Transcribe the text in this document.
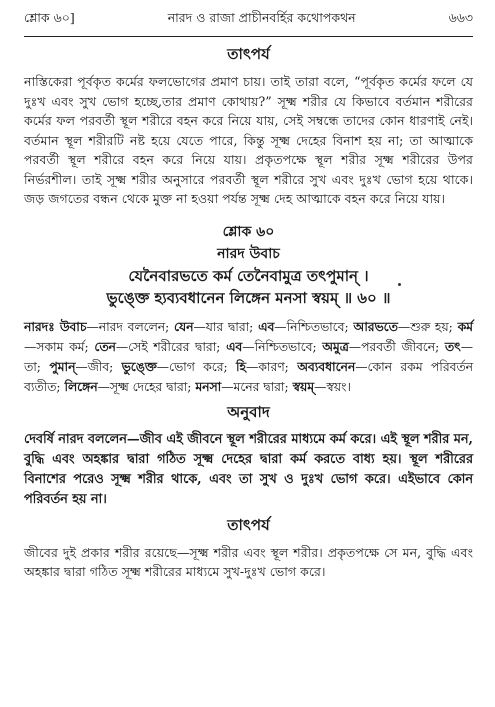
শ্লোক ৬০]	নারদ ও রাজা প্রাচীনবর্হির কথোপকথন	৬৬৩
তাৎপর্য

নাস্তিকেরা পূর্বকৃত কর্মের ফলভোগের প্রমাণ চায়। তাই তারা বলে, “পূর্বকৃত কর্মের ফলে যে দুঃখ এবং সুখ ভোগ হচ্ছে,তার প্রমাণ কোথায়?” সূক্ষ্ম শরীর যে কিভাবে বর্তমান শরীরের কর্মের ফল পরবর্তী স্থূল শরীরে বহন করে নিয়ে যায়, সেই সম্বন্ধে তাদের কোন ধারণাই নেই। বর্তমান স্থূল শরীরটি নষ্ট হয়ে যেতে পারে, কিন্তু সূক্ষ্ম দেহের বিনাশ হয় না; তা আত্মাকে পরবর্তী স্থূল শরীরে বহন করে নিয়ে যায়। প্রকৃতপক্ষে স্থূল শরীর সূক্ষ্ম শরীরের উপর নির্ভরশীল। তাই সূক্ষ্ম শরীর অনুসারে পরবর্তী স্থূল শরীরে সুখ এবং দুঃখ ভোগ হয়ে থাকে। জড় জগতের বন্ধন থেকে মুক্ত না হওয়া পর্যন্ত সূক্ষ্ম দেহ আত্মাকে বহন করে নিয়ে যায়।

শ্লোক ৬০
নারদ উবাচ
যেনৈবারভতে কর্ম তেনৈবামুত্র তৎপুমান্ ।
ভুঙ্ক্তে হ্যব্যবধানেন লিঙ্গেন মনসা স্বয়ম্ ॥ ৬০ ॥

নারদঃ উবাচ—নারদ বললেন; যেন—যার দ্বারা; এব—নিশ্চিতভাবে; আরভতে—শুরু হয়; কর্ম—সকাম কর্ম; তেন—সেই শরীরের দ্বারা; এব—নিশ্চিতভাবে; অমুত্র—পরবর্তী জীবনে; তৎ—তা; পুমান্—জীব; ভুঙ্ক্তে—ভোগ করে; হি—কারণ; অব্যবধানেন—কোন রকম পরিবর্তন ব্যতীত; লিঙ্গেন—সূক্ষ্ম দেহের দ্বারা; মনসা—মনের দ্বারা; স্বয়ম্—স্বয়ং।

অনুবাদ

দেবর্ষি নারদ বললেন—জীব এই জীবনে স্থূল শরীরের মাধ্যমে কর্ম করে। এই স্থূল শরীর মন, বুদ্ধি এবং অহঙ্কার দ্বারা গঠিত সূক্ষ্ম দেহের দ্বারা কর্ম করতে বাধ্য হয়। স্থূল শরীরের বিনাশের পরেও সূক্ষ্ম শরীর থাকে, এবং তা সুখ ও দুঃখ ভোগ করে। এইভাবে কোন পরিবর্তন হয় না।

তাৎপর্য

জীবের দুই প্রকার শরীর রয়েছে—সূক্ষ্ম শরীর এবং স্থূল শরীর। প্রকৃতপক্ষে সে মন, বুদ্ধি এবং অহঙ্কার দ্বারা গঠিত সূক্ষ্ম শরীরের মাধ্যমে সুখ-দুঃখ ভোগ করে।
